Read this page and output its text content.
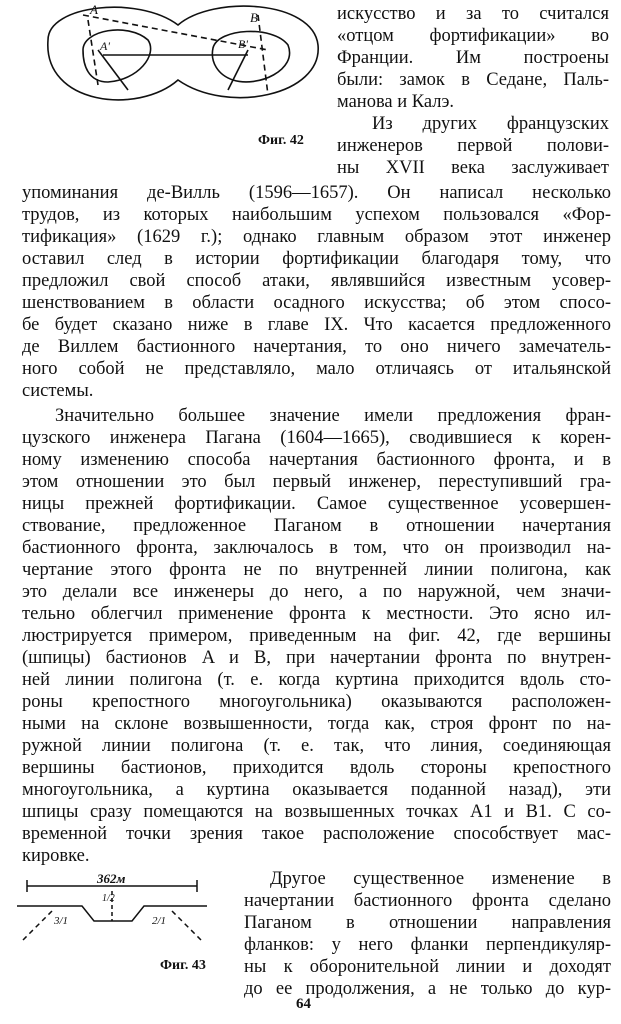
A
A'
B
B'
Фиг. 42
искусство и за то считался
«отцом фортификации» во
Франции. Им построены
были: замок в Седане, Паль-
манова и Калэ.
Из других французских
инженеров первой полови-
ны XVII века заслуживает
упоминания де-Вилль (1596—1657). Он написал несколько
трудов, из которых наибольшим успехом пользовался «Фор-
тификация» (1629 г.); однако главным образом этот инженер
оставил след в истории фортификации благодаря тому, что
предложил свой способ атаки, являвшийся известным усовер-
шенствованием в области осадного искусства; об этом спосо-
бе будет сказано ниже в главе IX. Что касается предложенного
де Виллем бастионного начертания, то оно ничего замечатель-
ного собой не представляло, мало отличаясь от итальянской
системы.
Значительно большее значение имели предложения фран-
цузского инженера Пагана (1604—1665), сводившиеся к корен-
ному изменению способа начертания бастионного фронта, и в
этом отношении это был первый инженер, переступивший гра-
ницы прежней фортификации. Самое существенное усовершен-
ствование, предложенное Паганом в отношении начертания
бастионного фронта, заключалось в том, что он производил на-
чертание этого фронта не по внутренней линии полигона, как
это делали все инженеры до него, а по наружной, чем значи-
тельно облегчил применение фронта к местности. Это ясно ил-
люстрируется примером, приведенным на фиг. 42, где вершины
(шпицы) бастионов A и B, при начертании фронта по внутрен-
ней линии полигона (т. е. когда куртина приходится вдоль сто-
роны крепостного многоугольника) оказываются расположен-
ными на склоне возвышенности, тогда как, строя фронт по на-
ружной линии полигона (т. е. так, что линия, соединяющая
вершины бастионов, приходится вдоль стороны крепостного
многоугольника, а куртина оказывается поданной назад), эти
шпицы сразу помещаются на возвышенных точках A1 и B1. С со-
временной точки зрения такое расположение способствует мас-
кировке.
Другое существенное изменение в
начертании бастионного фронта сделано
Паганом в отношении направления
фланков: у него фланки перпендикуляр-
ны к оборонительной линии и доходят
до ее продолжения, а не только до кур-
362м
1/2
3/1	2/1
Фиг. 43
64
